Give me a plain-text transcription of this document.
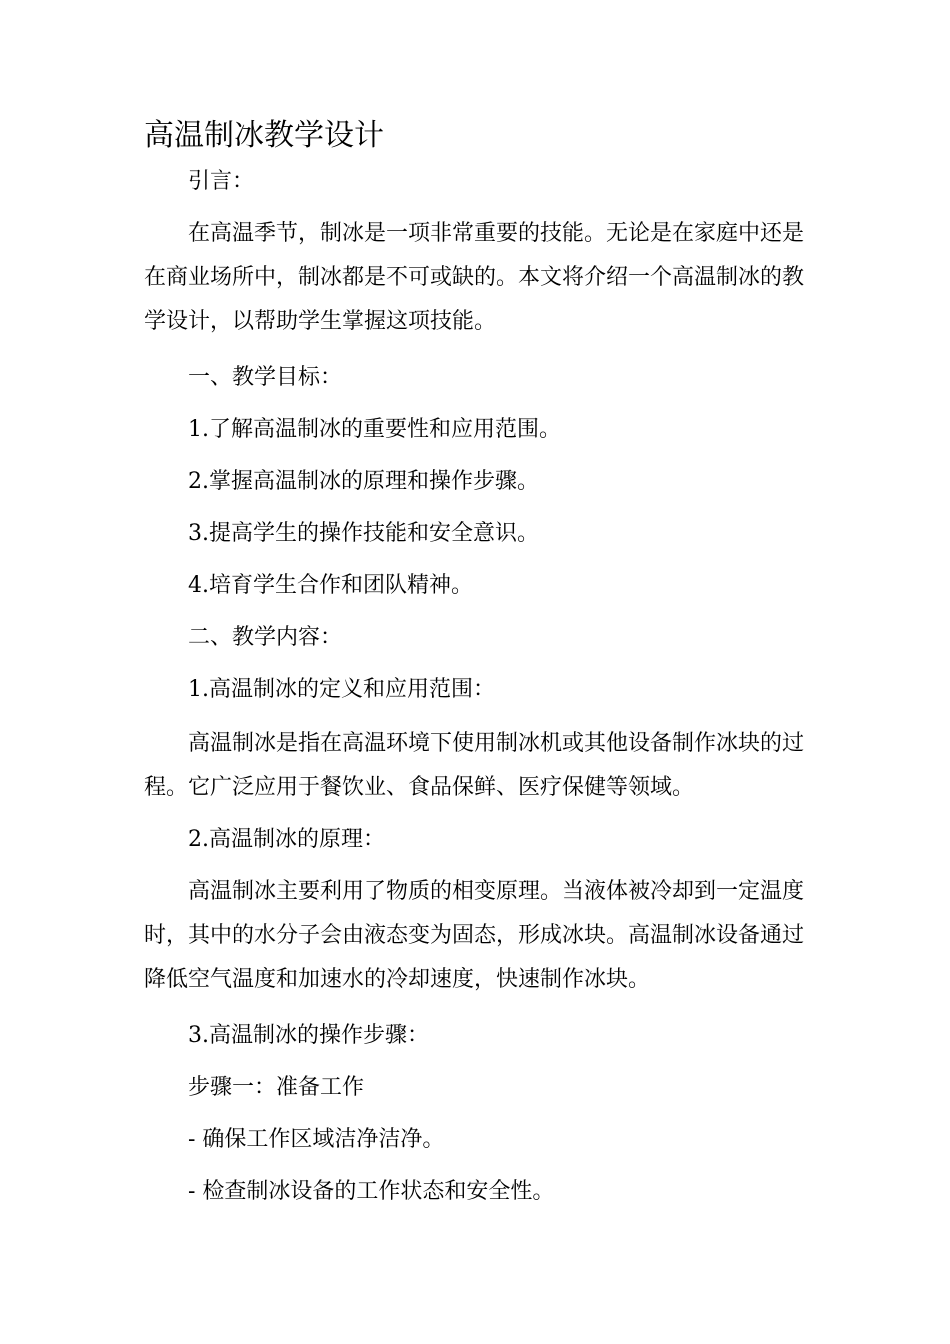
高温制冰教学设计

引言：

在高温季节，制冰是一项非常重要的技能。无论是在家庭中还是在商业场所中，制冰都是不可或缺的。本文将介绍一个高温制冰的教学设计，以帮助学生掌握这项技能。

一、教学目标：

1.了解高温制冰的重要性和应用范围。

2.掌握高温制冰的原理和操作步骤。

3.提高学生的操作技能和安全意识。

4.培育学生合作和团队精神。

二、教学内容：

1.高温制冰的定义和应用范围：

高温制冰是指在高温环境下使用制冰机或其他设备制作冰块的过程。它广泛应用于餐饮业、食品保鲜、医疗保健等领域。

2.高温制冰的原理：

高温制冰主要利用了物质的相变原理。当液体被冷却到一定温度时，其中的水分子会由液态变为固态，形成冰块。高温制冰设备通过降低空气温度和加速水的冷却速度，快速制作冰块。

3.高温制冰的操作步骤：

步骤一：准备工作

- 确保工作区域洁净洁净。

- 检查制冰设备的工作状态和安全性。
